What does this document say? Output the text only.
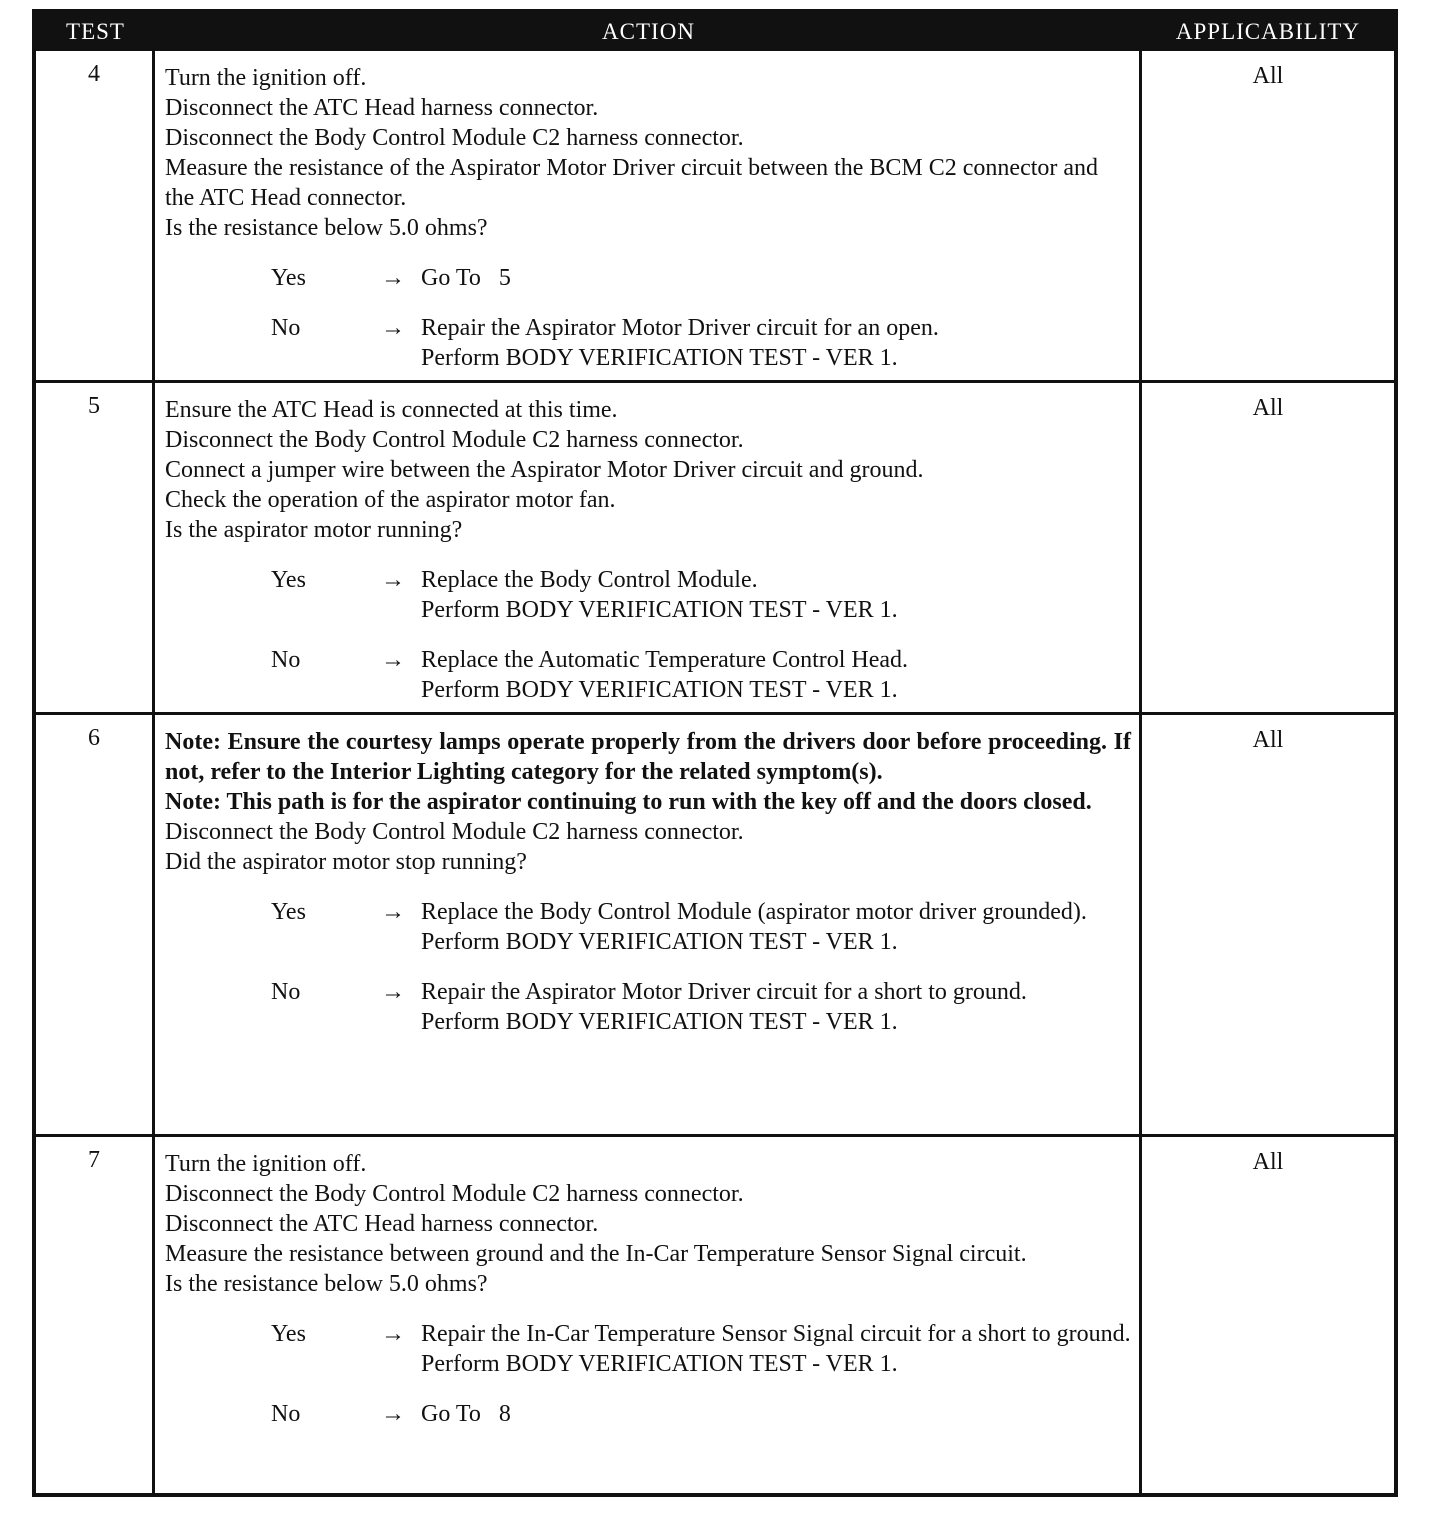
TEST	ACTION	APPLICABILITY
4	Turn the ignition off.
Disconnect the ATC Head harness connector.
Disconnect the Body Control Module C2 harness connector.
Measure the resistance of the Aspirator Motor Driver circuit between the BCM C2 connector and the ATC Head connector.
Is the resistance below 5.0 ohms?
Yes	→ Go To   5
No	→ Repair the Aspirator Motor Driver circuit for an open.
Perform BODY VERIFICATION TEST - VER 1.
All
5	Ensure the ATC Head is connected at this time.
Disconnect the Body Control Module C2 harness connector.
Connect a jumper wire between the Aspirator Motor Driver circuit and ground.
Check the operation of the aspirator motor fan.
Is the aspirator motor running?
Yes	→ Replace the Body Control Module.
Perform BODY VERIFICATION TEST - VER 1.
No	→ Replace the Automatic Temperature Control Head.
Perform BODY VERIFICATION TEST - VER 1.
All
6	Note: Ensure the courtesy lamps operate properly from the drivers door before proceeding. If not, refer to the Interior Lighting category for the related symptom(s).
Note: This path is for the aspirator continuing to run with the key off and the doors closed.
Disconnect the Body Control Module C2 harness connector.
Did the aspirator motor stop running?
Yes	→ Replace the Body Control Module (aspirator motor driver grounded).
Perform BODY VERIFICATION TEST - VER 1.
No	→ Repair the Aspirator Motor Driver circuit for a short to ground.
Perform BODY VERIFICATION TEST - VER 1.
All
7	Turn the ignition off.
Disconnect the Body Control Module C2 harness connector.
Disconnect the ATC Head harness connector.
Measure the resistance between ground and the In-Car Temperature Sensor Signal circuit.
Is the resistance below 5.0 ohms?
Yes	→ Repair the In-Car Temperature Sensor Signal circuit for a short to ground.
Perform BODY VERIFICATION TEST - VER 1.
No	→ Go To   8
All
